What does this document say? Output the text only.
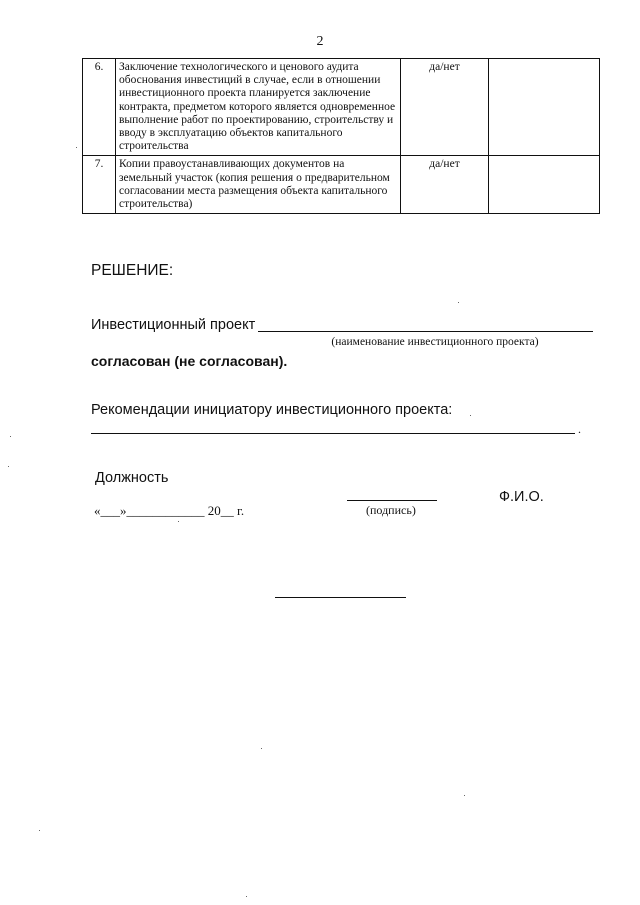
2
6.	Заключение технологического и ценового аудита обоснования инвестиций в случае, если в отношении инвестиционного проекта планируется заключение контракта, предметом которого является одновременное выполнение работ по проектированию, строительству и вводу в эксплуатацию объектов капитального строительства	да/нет	
7.	Копии правоустанавливающих документов на земельный участок (копия решения о предварительном согласовании места размещения объекта капитального строительства)	да/нет	
РЕШЕНИЕ:
Инвестиционный проект
(наименование инвестиционного проекта)
согласован (не согласован).
Рекомендации инициатору инвестиционного проекта:
.
Должность
«___»____________ 20__ г.	(подпись)
Ф.И.О.
